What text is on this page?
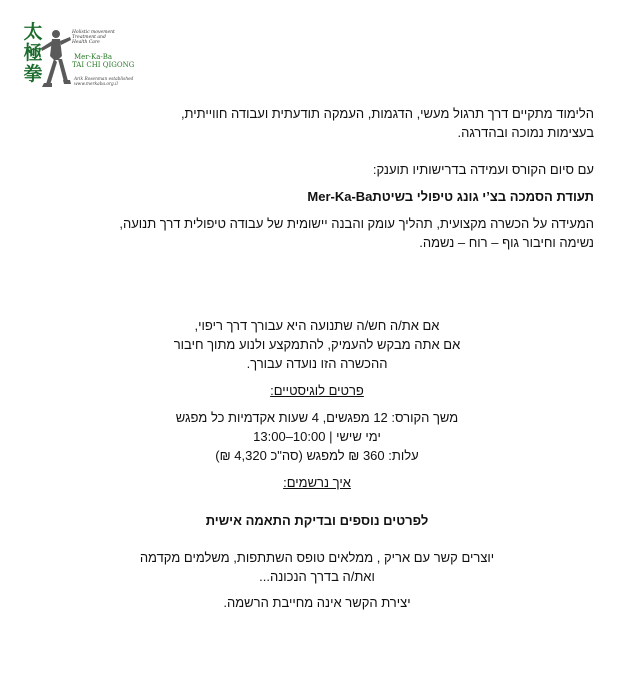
太
極
拳
Holistic movement
Treatment and
Health Care
Mer-Ka-Ba
TAI CHI QIGONG
Arik Rosenman established
www.merkaba.org.il

הלימוד מתקיים דרך תרגול מעשי, הדגמות, העמקה תודעתית ועבודה חווייתית,

בעצימות נמוכה ובהדרגה.

עם סיום הקורס ועמידה בדרישותיו תוענק:

תעודת הסמכה בצ’י גונג טיפולי בשיטתMer-Ka-Ba

המעידה על הכשרה מקצועית, תהליך עומק והבנה יישומית של עבודה טיפולית דרך תנועה,

נשימה וחיבור גוף – רוח – נשמה.

אם את/ה חש/ה שתנועה היא עבורך דרך ריפוי,
אם אתה מבקש להעמיק, להתמקצע ולנוע מתוך חיבור
ההכשרה הזו נועדה עבורך.
פרטים לוגיסטיים:
משך הקורס: 12 מפגשים, 4 שעות אקדמיות כל מפגש
ימי שישי | 10:00–13:00
עלות: 360 ₪ למפגש (סה"כ 4,320 ₪)
איך נרשמים:
לפרטים נוספים ובדיקת התאמה אישית
יוצרים קשר עם אריק , ממלאים טופס השתתפות, משלמים מקדמה
ואת/ה בדרך הנכונה...
יצירת הקשר אינה מחייבת הרשמה.
